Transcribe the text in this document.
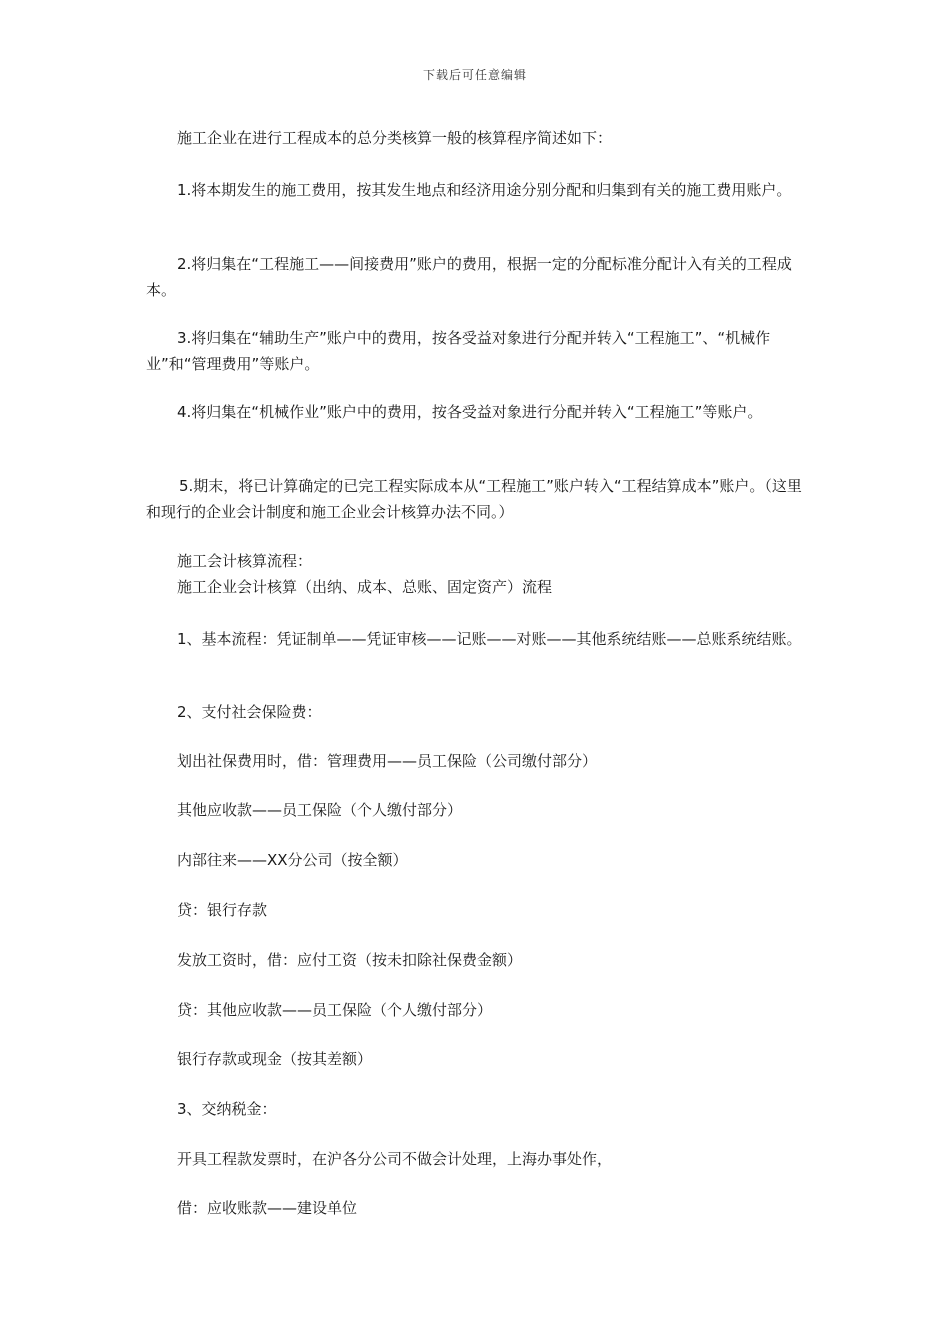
下载后可任意编辑
施工企业在进行工程成本的总分类核算一般的核算程序简述如下：
1.将本期发生的施工费用，按其发生地点和经济用途分别分配和归集到有关的施工费用账户。
2.将归集在“工程施工——间接费用”账户的费用，根据一定的分配标准分配计入有关的工程成本。
3.将归集在“辅助生产”账户中的费用，按各受益对象进行分配并转入“工程施工”、“机械作业”和“管理费用”等账户。
4.将归集在“机械作业”账户中的费用，按各受益对象进行分配并转入“工程施工”等账户。
5.期末，将已计算确定的已完工程实际成本从“工程施工”账户转入“工程结算成本”账户。（这里和现行的企业会计制度和施工企业会计核算办法不同。）
施工会计核算流程：
施工企业会计核算（出纳、成本、总账、固定资产）流程
1、基本流程：凭证制单——凭证审核——记账——对账——其他系统结账——总账系统结账。
2、支付社会保险费：
划出社保费用时，借：管理费用——员工保险（公司缴付部分）
其他应收款——员工保险（个人缴付部分）
内部往来——XX分公司（按全额）
贷：银行存款
发放工资时，借：应付工资（按未扣除社保费金额）
贷：其他应收款——员工保险（个人缴付部分）
银行存款或现金（按其差额）
3、交纳税金：
开具工程款发票时，在沪各分公司不做会计处理，上海办事处作，
借：应收账款——建设单位
